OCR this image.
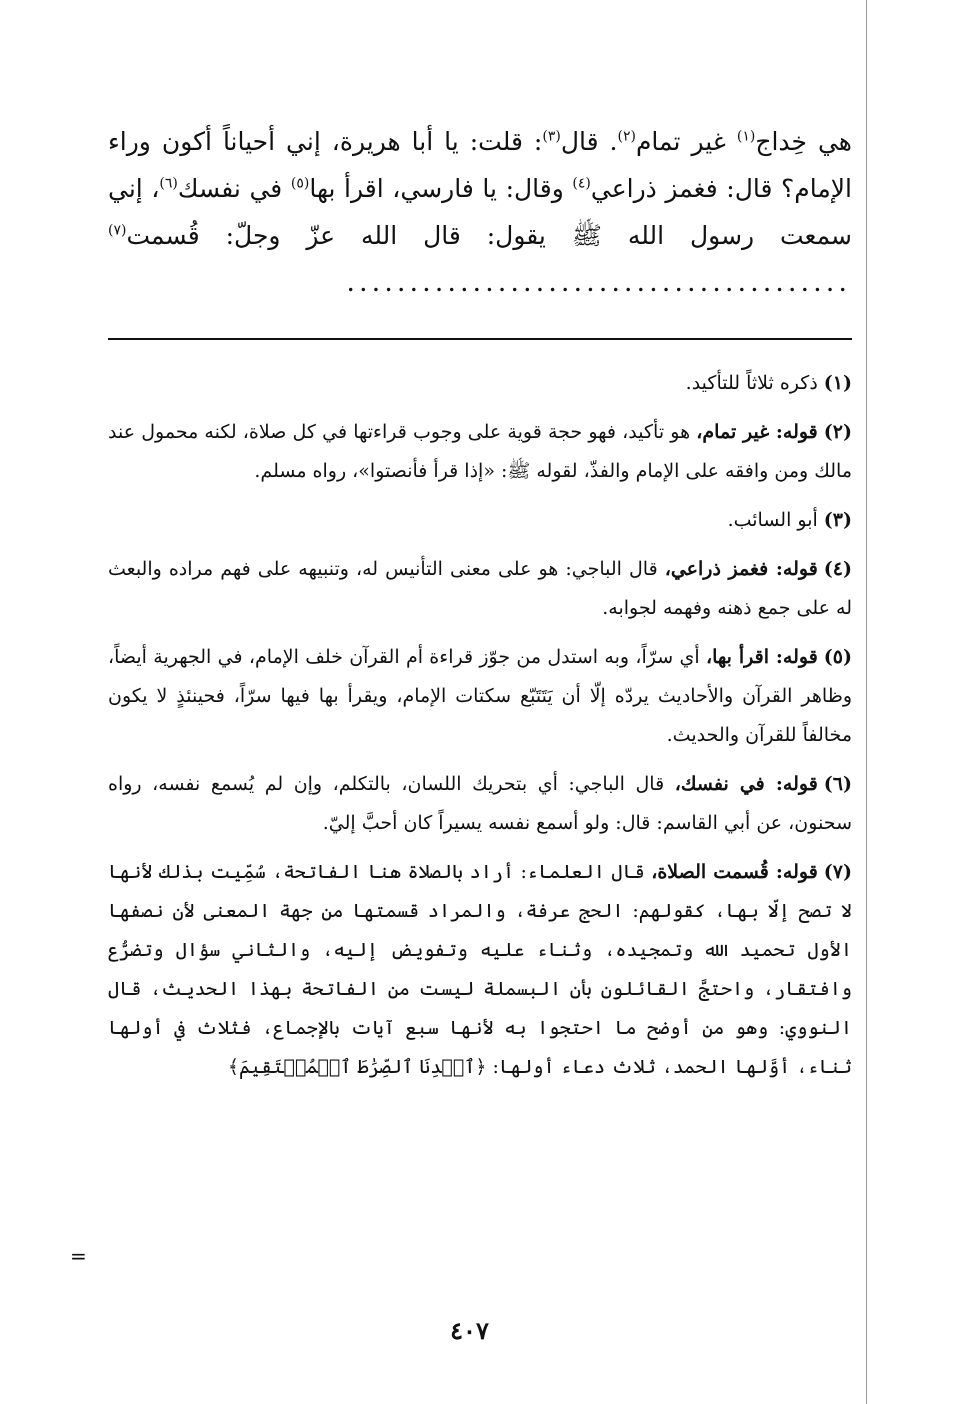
هي خِداج$^{(١)}$ غير تمام$^{(٢)}$. قال$^{(٣)}$: قلت: يا أبا هريرة، إني أحياناً أكون وراء الإمام؟ قال: فغمز ذراعي$^{(٤)}$ وقال: يا فارسي، اقرأ بها$^{(٥)}$ في نفسك$^{(٦)}$، إني سمعت رسول الله ﷺ يقول: قال الله عزّ وجلّ: قُسمت$^{(٧)}$ ........................................

(١)ذكره ثلاثاً للتأكيد.

(٢)قوله: غير تمام، هو تأكيد، فهو حجة قوية على وجوب قراءتها في كل صلاة، لكنه محمول عند مالك ومن وافقه على الإمام والفذّ، لقوله ﷺ: «إذا قرأ فأنصتوا»، رواه مسلم.

(٣)أبو السائب.

(٤)قوله: فغمز ذراعي، قال الباجي: هو على معنى التأنيس له، وتنبيهه على فهم مراده والبعث له على جمع ذهنه وفهمه لجوابه.

(٥)قوله: اقرأ بها، أي سرّاً، وبه استدل من جوّز قراءة أم القرآن خلف الإمام، في الجهرية أيضاً، وظاهر القرآن والأحاديث يردّه إلّا أن يَتَتَبّع سكتات الإمام، ويقرأ بها فيها سرّاً، فحينئذٍ لا يكون مخالفاً للقرآن والحديث.

(٦)قوله: في نفسك، قال الباجي: أي بتحريك اللسان، بالتكلم، وإن لم يُسمع نفسه، رواه سحنون، عن أبي القاسم: قال: ولو أسمع نفسه يسيراً كان أحبَّ إليّ.

(٧)قوله: قُسمت الصلاة، قال العلماء: أراد بالصلاة هنا الفاتحة، سُمِّيت بذلك لأنها لا تصح إلّا بها، كقولهم: الحج عرفة، والمراد قسمتها من جهة المعنى لأن نصفها الأول تحميد الله وتمجيده، وثناء عليه وتفويض إليه، والثاني سؤال وتضرُّع وافتقار، واحتجَّ القائلون بأن البسملة ليست من الفاتحة بهذا الحديث، قال النووي: وهو من أوضح ما احتجوا به لأنها سبع آيات بالإجماع، فثلاث في أولها ثناء، أوَّلها الحمد، ثلاث دعاء أولها: ﴿ٱهۡدِنَا ٱلصِّرَٰطَ ٱلۡمُسۡتَقِيمَ﴾

=
٤٠٧
